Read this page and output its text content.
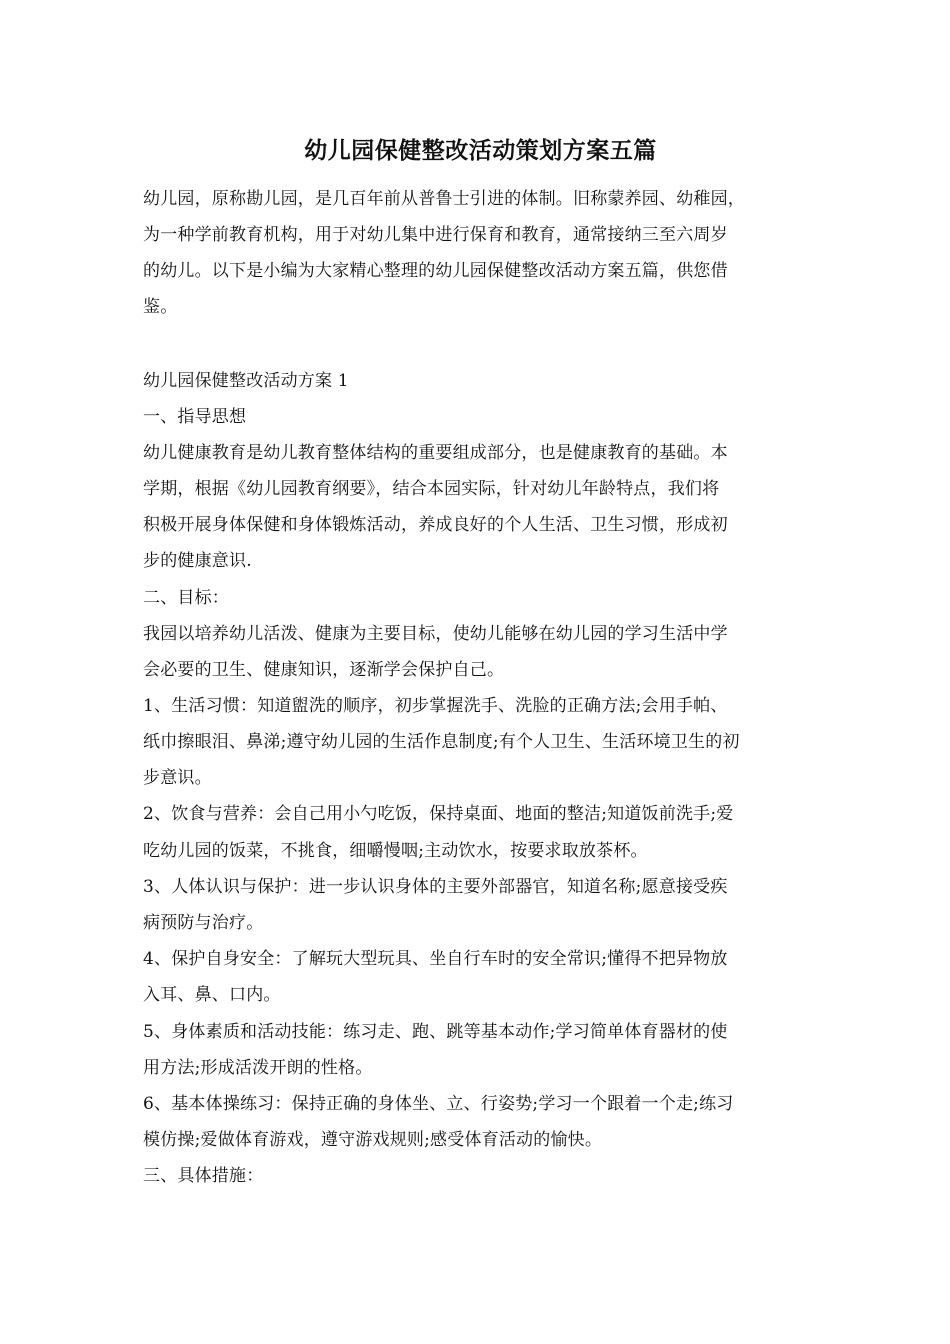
幼儿园保健整改活动策划方案五篇
幼儿园，原称勘儿园，是几百年前从普鲁士引进的体制。旧称蒙养园、幼稚园，
为一种学前教育机构，用于对幼儿集中进行保育和教育，通常接纳三至六周岁
的幼儿。以下是小编为大家精心整理的幼儿园保健整改活动方案五篇，供您借
鉴。
幼儿园保健整改活动方案 1
一、指导思想
幼儿健康教育是幼儿教育整体结构的重要组成部分，也是健康教育的基础。本
学期，根据《幼儿园教育纲要》，结合本园实际，针对幼儿年龄特点，我们将
积极开展身体保健和身体锻炼活动，养成良好的个人生活、卫生习惯，形成初
步的健康意识.
二、目标：
我园以培养幼儿活泼、健康为主要目标，使幼儿能够在幼儿园的学习生活中学
会必要的卫生、健康知识，逐渐学会保护自己。
1、生活习惯：知道盥洗的顺序，初步掌握洗手、洗脸的正确方法;会用手帕、
纸巾擦眼泪、鼻涕;遵守幼儿园的生活作息制度;有个人卫生、生活环境卫生的初
步意识。
2、饮食与营养：会自己用小勺吃饭，保持桌面、地面的整洁;知道饭前洗手;爱
吃幼儿园的饭菜，不挑食，细嚼慢咽;主动饮水，按要求取放茶杯。
3、人体认识与保护：进一步认识身体的主要外部器官，知道名称;愿意接受疾
病预防与治疗。
4、保护自身安全：了解玩大型玩具、坐自行车时的安全常识;懂得不把异物放
入耳、鼻、口内。
5、身体素质和活动技能：练习走、跑、跳等基本动作;学习简单体育器材的使
用方法;形成活泼开朗的性格。
6、基本体操练习：保持正确的身体坐、立、行姿势;学习一个跟着一个走;练习
模仿操;爱做体育游戏，遵守游戏规则;感受体育活动的愉快。
三、具体措施：
